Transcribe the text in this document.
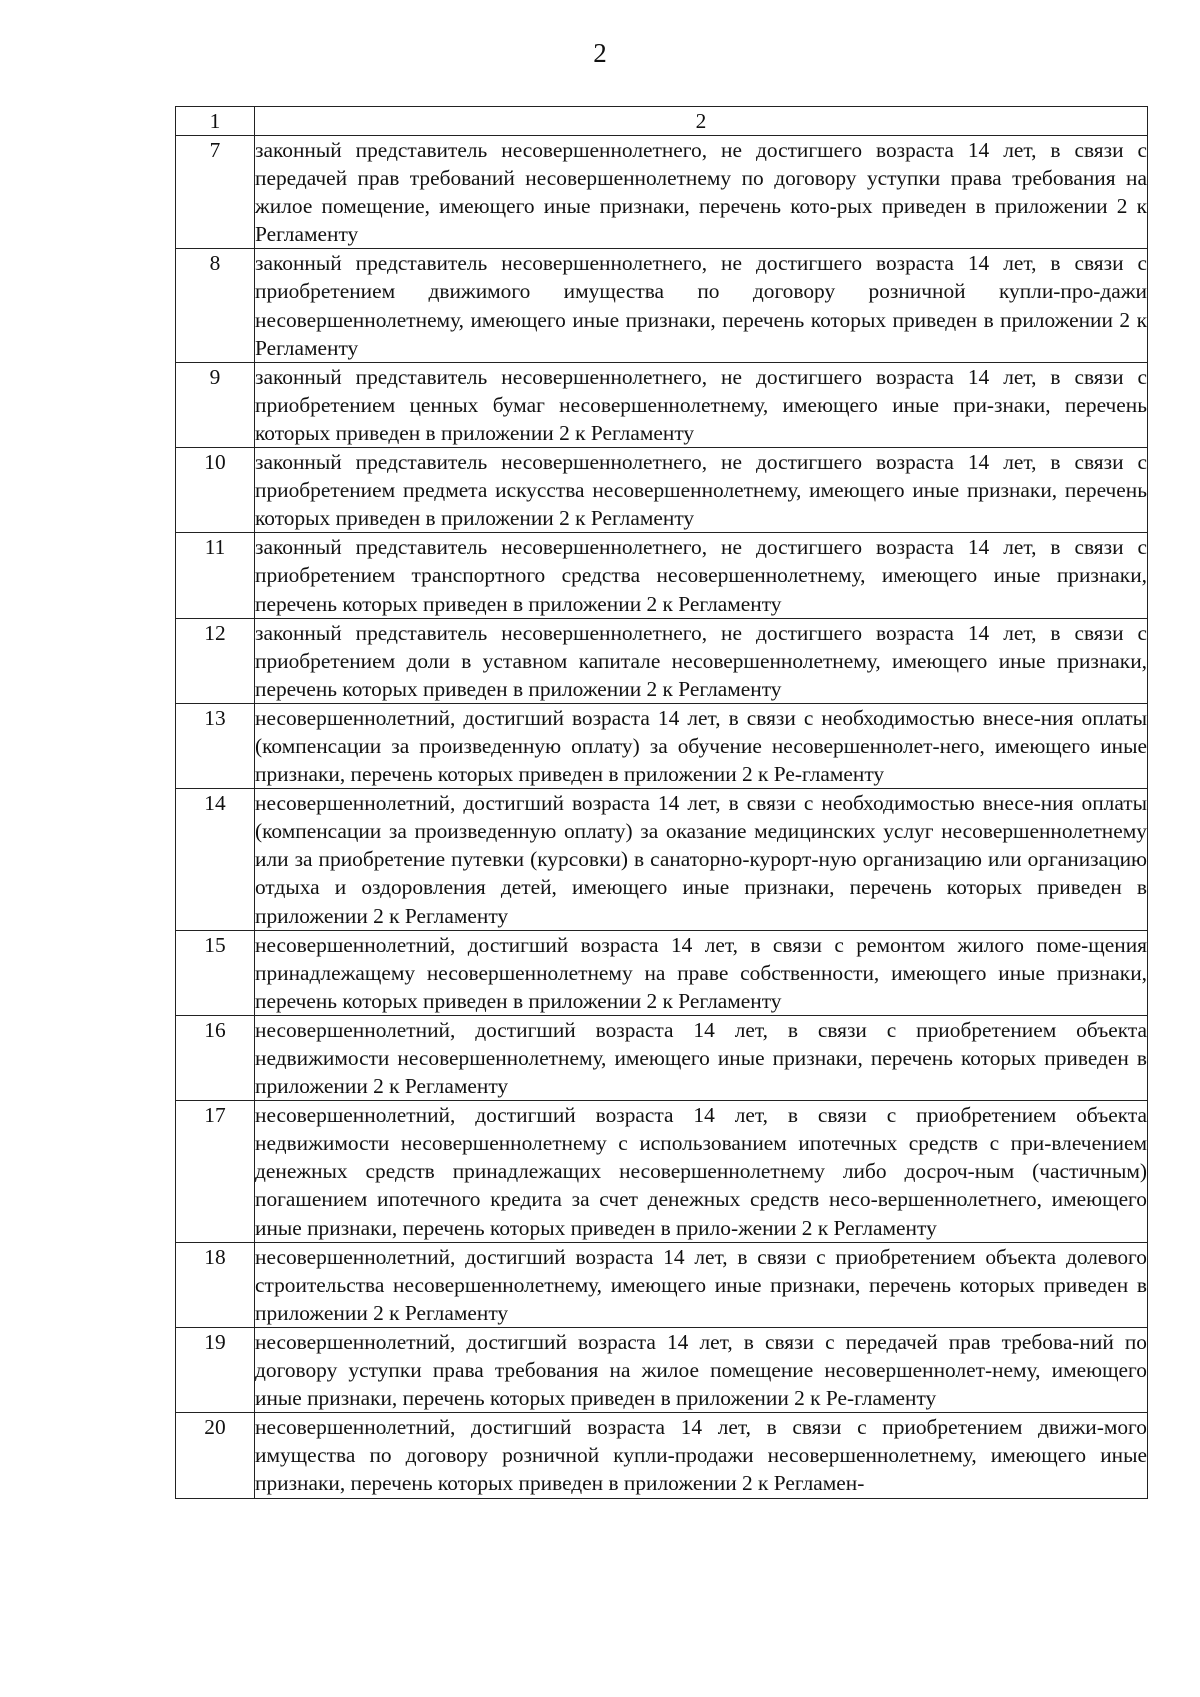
2
1	2
7	законный представитель несовершеннолетнего, не достигшего возраста 14 лет, в связи с передачей прав требований несовершеннолетнему по договору уступки права требования на жилое помещение, имеющего иные признаки, перечень кото-рых приведен в приложении 2 к Регламенту
8	законный представитель несовершеннолетнего, не достигшего возраста 14 лет, в связи с приобретением движимого имущества по договору розничной купли-про-дажи несовершеннолетнему, имеющего иные признаки, перечень которых приведен в приложении 2 к Регламенту
9	законный представитель несовершеннолетнего, не достигшего возраста 14 лет, в связи с приобретением ценных бумаг несовершеннолетнему, имеющего иные при-знаки, перечень которых приведен в приложении 2 к Регламенту
10	законный представитель несовершеннолетнего, не достигшего возраста 14 лет, в связи с приобретением предмета искусства несовершеннолетнему, имеющего иные признаки, перечень которых приведен в приложении 2 к Регламенту
11	законный представитель несовершеннолетнего, не достигшего возраста 14 лет, в связи с приобретением транспортного средства несовершеннолетнему, имеющего иные признаки, перечень которых приведен в приложении 2 к Регламенту
12	законный представитель несовершеннолетнего, не достигшего возраста 14 лет, в связи с приобретением доли в уставном капитале несовершеннолетнему, имеющего иные признаки, перечень которых приведен в приложении 2 к Регламенту
13	несовершеннолетний, достигший возраста 14 лет, в связи с необходимостью внесе-ния оплаты (компенсации за произведенную оплату) за обучение несовершеннолет-него, имеющего иные признаки, перечень которых приведен в приложении 2 к Ре-гламенту
14	несовершеннолетний, достигший возраста 14 лет, в связи с необходимостью внесе-ния оплаты (компенсации за произведенную оплату) за оказание медицинских услуг несовершеннолетнему или за приобретение путевки (курсовки) в санаторно-курорт-ную организацию или организацию отдыха и оздоровления детей, имеющего иные признаки, перечень которых приведен в приложении 2 к Регламенту
15	несовершеннолетний, достигший возраста 14 лет, в связи с ремонтом жилого поме-щения принадлежащему несовершеннолетнему на праве собственности, имеющего иные признаки, перечень которых приведен в приложении 2 к Регламенту
16	несовершеннолетний, достигший возраста 14 лет, в связи с приобретением объекта недвижимости несовершеннолетнему, имеющего иные признаки, перечень которых приведен в приложении 2 к Регламенту
17	несовершеннолетний, достигший возраста 14 лет, в связи с приобретением объекта недвижимости несовершеннолетнему с использованием ипотечных средств с при-влечением денежных средств принадлежащих несовершеннолетнему либо досроч-ным (частичным) погашением ипотечного кредита за счет денежных средств несо-вершеннолетнего, имеющего иные признаки, перечень которых приведен в прило-жении 2 к Регламенту
18	несовершеннолетний, достигший возраста 14 лет, в связи с приобретением объекта долевого строительства несовершеннолетнему, имеющего иные признаки, перечень которых приведен в приложении 2 к Регламенту
19	несовершеннолетний, достигший возраста 14 лет, в связи с передачей прав требова-ний по договору уступки права требования на жилое помещение несовершеннолет-нему, имеющего иные признаки, перечень которых приведен в приложении 2 к Ре-гламенту
20	несовершеннолетний, достигший возраста 14 лет, в связи с приобретением движи-мого имущества по договору розничной купли-продажи несовершеннолетнему, имеющего иные признаки, перечень которых приведен в приложении 2 к Регламен-
